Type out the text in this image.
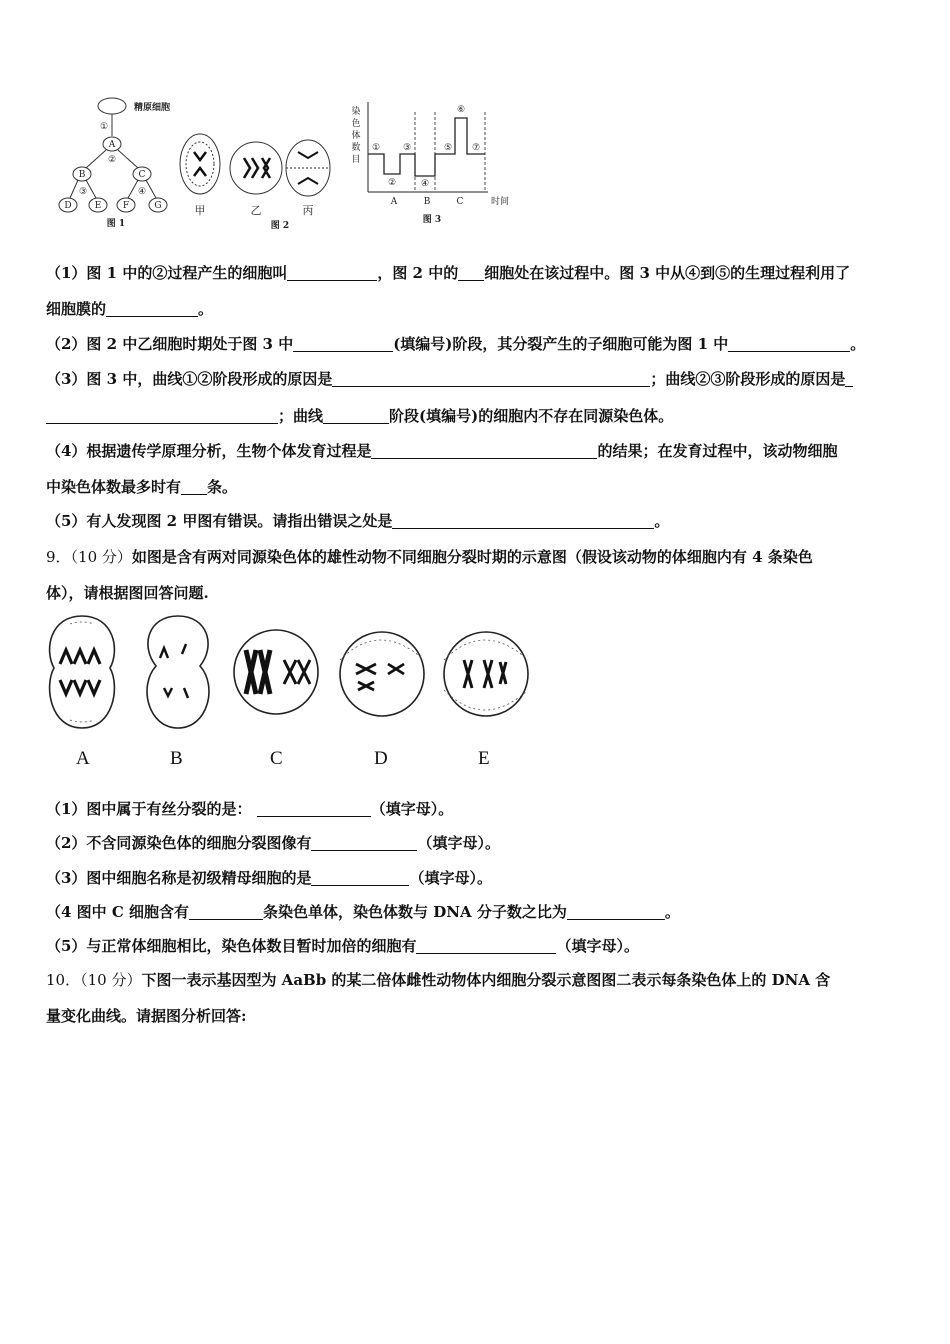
精原细胞
①
A
②
B	C
③	④
D	E F	G
图 1
甲	乙	丙
图 2
染
色
体
数
目
①
②
③
④
⑤
⑥
⑦
A	B	C	时间
图 3
（1）图 1 中的②过程产生的细胞叫	，图 2 中的 细胞处在该过程中。图 3 中从④到⑤的生理过程利用了
细胞膜的	。
（2）图 2 中乙细胞时期处于图 3 中	(填编号)阶段，其分裂产生的子细胞可能为图 1 中	。
（3）图 3 中，曲线①②阶段形成的原因是	；曲线②③阶段形成的原因是
；曲线	阶段(填编号)的细胞内不存在同源染色体。
（4）根据遗传学原理分析，生物个体发育过程是	的结果；在发育过程中，该动物细胞
中染色体数最多时有 条。
（5）有人发现图 2 甲图有错误。请指出错误之处是	。
9．（10 分）如图是含有两对同源染色体的雄性动物不同细胞分裂时期的示意图（假设该动物的体细胞内有 4 条染色
体），请根据图回答问题.
A	B	C	D	E
（1）图中属于有丝分裂的是：	（填字母）。
（2）不含同源染色体的细胞分裂图像有	（填字母）。
（3）图中细胞名称是初级精母细胞的是	（填字母）。
（4 图中 C 细胞含有	条染色单体，染色体数与 DNA 分子数之比为	。
（5）与正常体细胞相比，染色体数目暂时加倍的细胞有	（填字母）。
10．（10 分）下图一表示基因型为 AaBb 的某二倍体雌性动物体内细胞分裂示意图图二表示每条染色体上的 DNA 含
量变化曲线。请据图分析回答:
